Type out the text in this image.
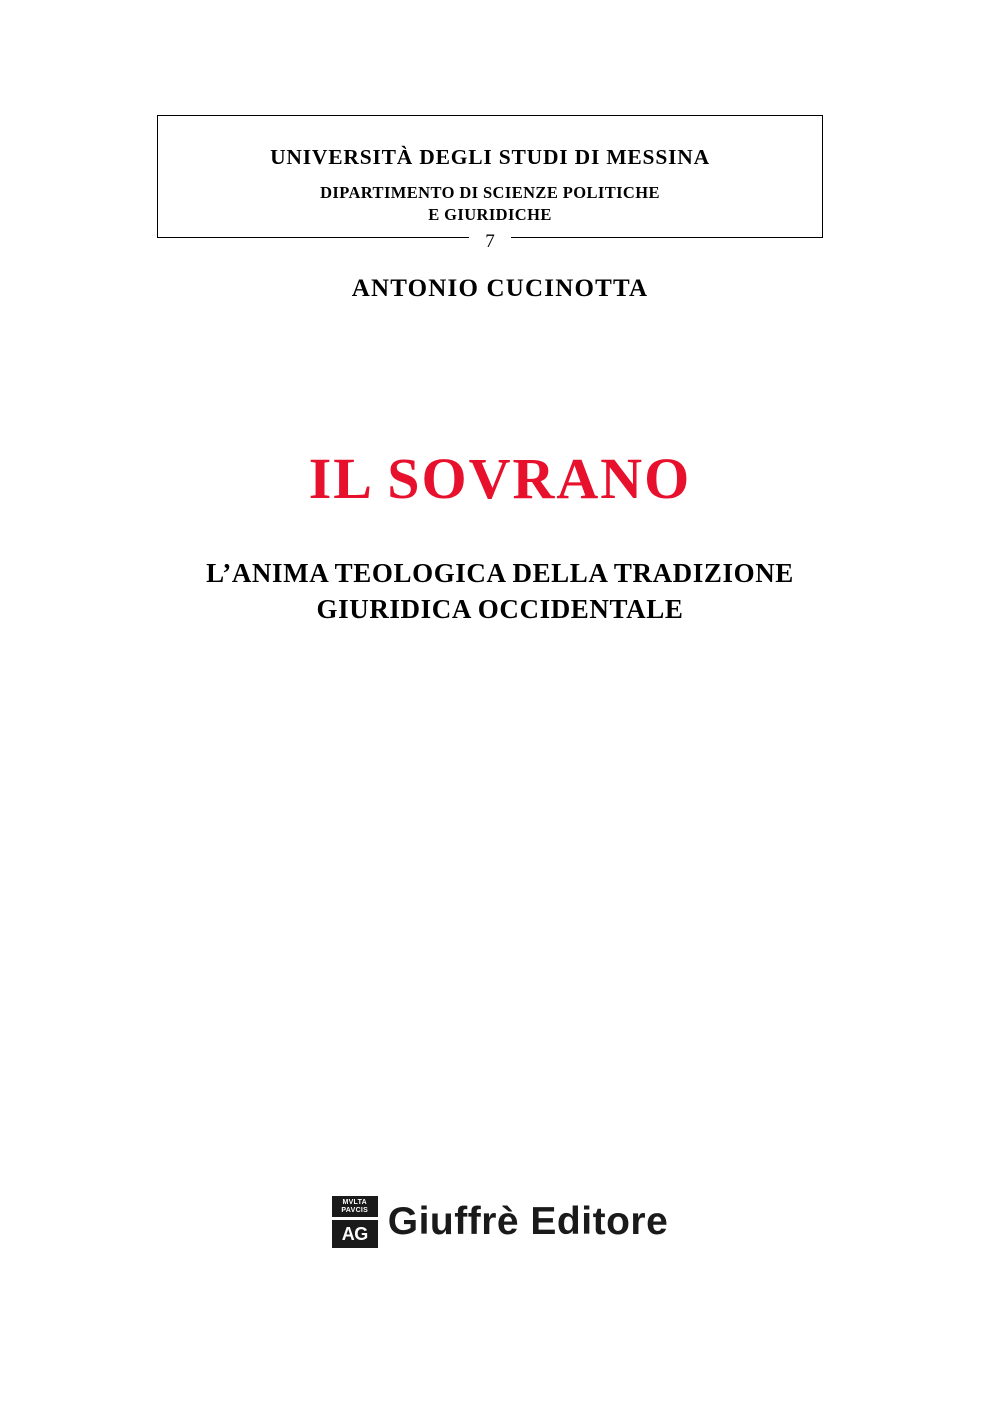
UNIVERSITÀ DEGLI STUDI DI MESSINA
DIPARTIMENTO DI SCIENZE POLITICHE
E GIURIDICHE
7
ANTONIO CUCINOTTA
IL SOVRANO
L’ANIMA TEOLOGICA DELLA TRADIZIONE
GIURIDICA OCCIDENTALE
MVLTA
PAVCIS
AG Giuffrè Editore
